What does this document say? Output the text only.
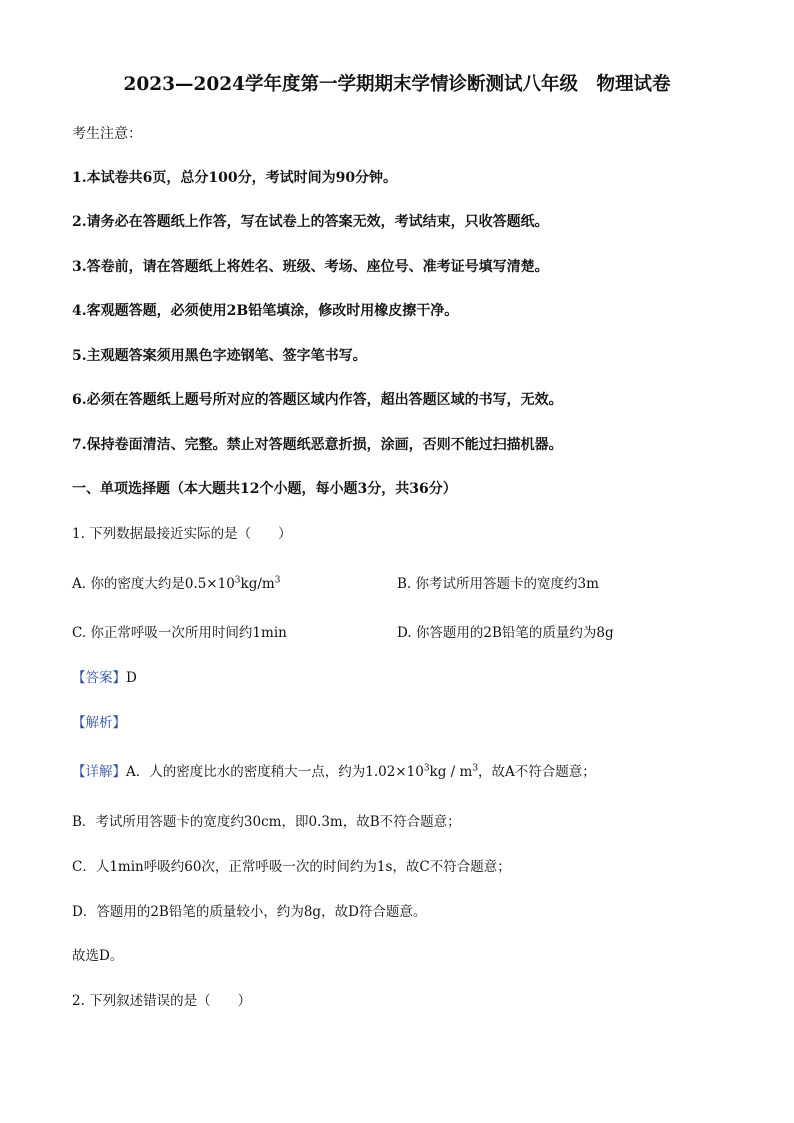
2023—2024学年度第一学期期末学情诊断测试八年级　物理试卷
考生注意：
1.本试卷共6页，总分100分，考试时间为90分钟。
2.请务必在答题纸上作答，写在试卷上的答案无效，考试结束，只收答题纸。
3.答卷前，请在答题纸上将姓名、班级、考场、座位号、准考证号填写清楚。
4.客观题答题，必须使用2B铅笔填涂，修改时用橡皮擦干净。
5.主观题答案须用黑色字迹钢笔、签字笔书写。
6.必须在答题纸上题号所对应的答题区域内作答，超出答题区域的书写，无效。
7.保持卷面清洁、完整。禁止对答题纸恶意折损，涂画，否则不能过扫描机器。
一、单项选择题（本大题共12个小题，每小题3分，共36分）
1. 下列数据最接近实际的是（　　）
A. 你的密度大约是$0.5\times 10^3kg/m^3$	B. 你考试所用答题卡的宽度约3m
C. 你正常呼吸一次所用时间约1min	D. 你答题用的2B铅笔的质量约为8g
【答案】D
【解析】
【详解】A．人的密度比水的密度稍大一点，约为$1.02\times 10^3kg / m^3$，故A不符合题意；
B．考试所用答题卡的宽度约30cm，即0.3m，故B不符合题意；
C．人1min呼吸约60次，正常呼吸一次的时间约为1s，故C不符合题意；
D．答题用的2B铅笔的质量较小，约为8g，故D符合题意。
故选D。
2. 下列叙述错误的是（　　）
